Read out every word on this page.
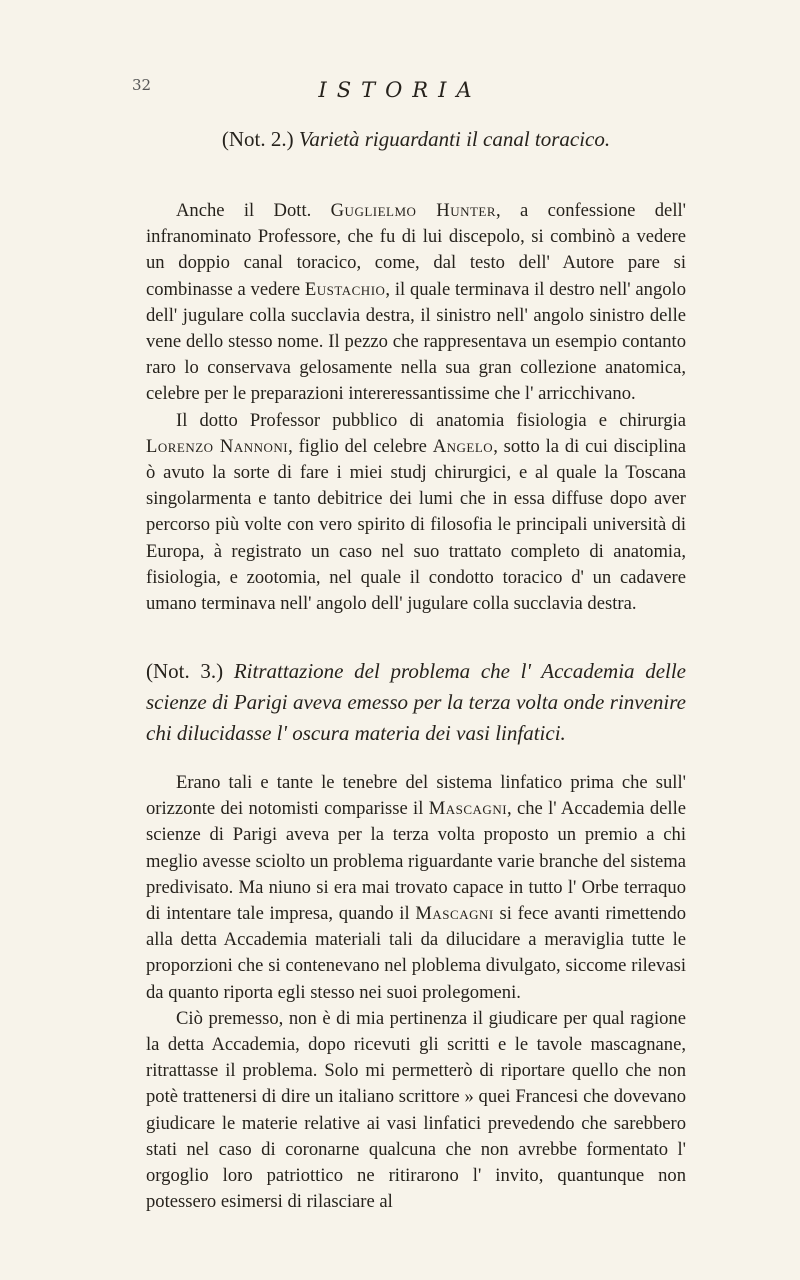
32	ISTORIA
(Not. 2.) Varietà riguardanti il canal toracico.

Anche il Dott. Guglielmo Hunter, a confessione dell' infranominato Professore, che fu di lui discepolo, si combinò a vedere un doppio canal toracico, come, dal testo dell' Autore pare si combinasse a vedere Eustachio, il quale terminava il destro nell' angolo dell' jugulare colla succlavia destra, il sinistro nell' angolo sinistro delle vene dello stesso nome. Il pezzo che rappresentava un esempio contanto raro lo conservava gelosamente nella sua gran collezione anatomica, celebre per le preparazioni intereressantissime che l' arricchivano.

Il dotto Professor pubblico di anatomia fisiologia e chirurgia Lorenzo Nannoni, figlio del celebre Angelo, sotto la di cui disciplina ò avuto la sorte di fare i miei studj chirurgici, e al quale la Toscana singolarmenta e tanto debitrice dei lumi che in essa diffuse dopo aver percorso più volte con vero spirito di filosofia le principali università di Europa, à registrato un caso nel suo trattato completo di anatomia, fisiologia, e zootomia, nel quale il condotto toracico d' un cadavere umano terminava nell' angolo dell' jugulare colla succlavia destra.

(Not. 3.) Ritrattazione del problema che l' Accademia delle scienze di Parigi aveva emesso per la terza volta onde rinvenire chi dilucidasse l' oscura materia dei vasi linfatici.

Erano tali e tante le tenebre del sistema linfatico prima che sull' orizzonte dei notomisti comparisse il Mascagni, che l' Accademia delle scienze di Parigi aveva per la terza volta proposto un premio a chi meglio avesse sciolto un problema riguardante varie branche del sistema predivisato. Ma niuno si era mai trovato capace in tutto l' Orbe terraquo di intentare tale impresa, quando il Mascagni si fece avanti rimettendo alla detta Accademia materiali tali da dilucidare a meraviglia tutte le proporzioni che si contenevano nel ploblema divulgato, siccome rilevasi da quanto riporta egli stesso nei suoi prolegomeni.

Ciò premesso, non è di mia pertinenza il giudicare per qual ragione la detta Accademia, dopo ricevuti gli scritti e le tavole mascagnane, ritrattasse il problema. Solo mi permetterò di riportare quello che non potè trattenersi di dire un italiano scrittore » quei Francesi che dovevano giudicare le materie relative ai vasi linfatici prevedendo che sarebbero stati nel caso di coronarne qualcuna che non avrebbe formentato l' orgoglio loro patriottico ne ritirarono l' invito, quantunque non potessero esimersi di rilasciare al
